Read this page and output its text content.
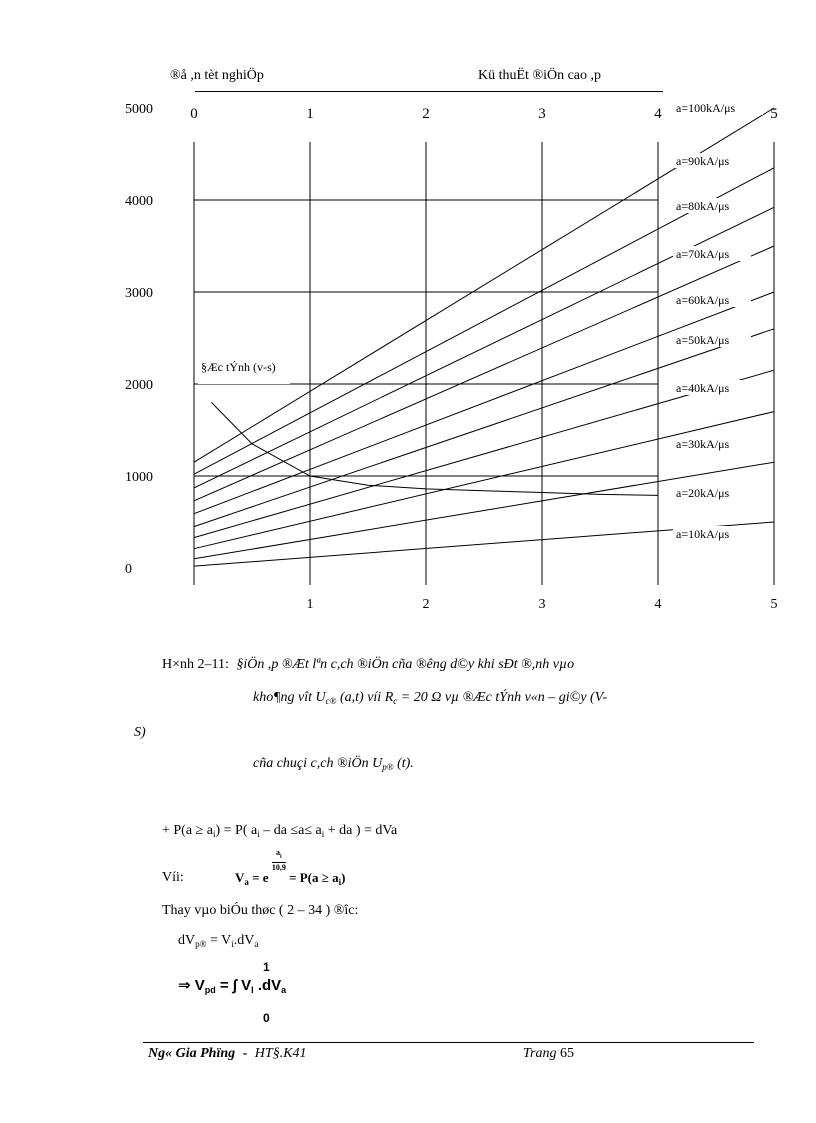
®å ,n tèt nghiÖp	Kü thuËt ®iÖn cao ,p
0	1	2	3	4	5
1	2	3	4	5
5000
4000
3000
2000
1000
0
a=100kA/μs
a=90kA/μs
a=80kA/μs
a=70kA/μs
a=60kA/μs
a=50kA/μs
a=40kA/μs
a=30kA/μs
a=20kA/μs
a=10kA/μs
§Æc tÝnh (v-s)
H×nh 2–11: §iÖn ,p ®Æt lªn c,ch ®iÖn cña ®êng d©y khi sÐt ®,nh vµo
kho¶ng vît $U_{c®}$ (a,t) víi $R_c = 20$ Ω vµ ®Æc tÝnh v«n – gi©y (V-
S)
cña chuçi c,ch ®iÖn $U_{p®}$ (t).
+ $P(a \ge a_i) = P$( $a_i$ – da $\le a\le a_i$ + da ) = dVa
Víi:	$V_a = e$
$\frac{a_i}{10,9}$
= $P(a \ge a_i)$
Thay vµo biÓu thøc ( 2 – 34 ) ®îc:
$dV_{p®} = V_i.dV_a$
1
⇒ $V_{pd}$ = ∫ $V_I$ $.dV_a$
0
Ng« Gia Phïng - HT§.K41	Trang 65
